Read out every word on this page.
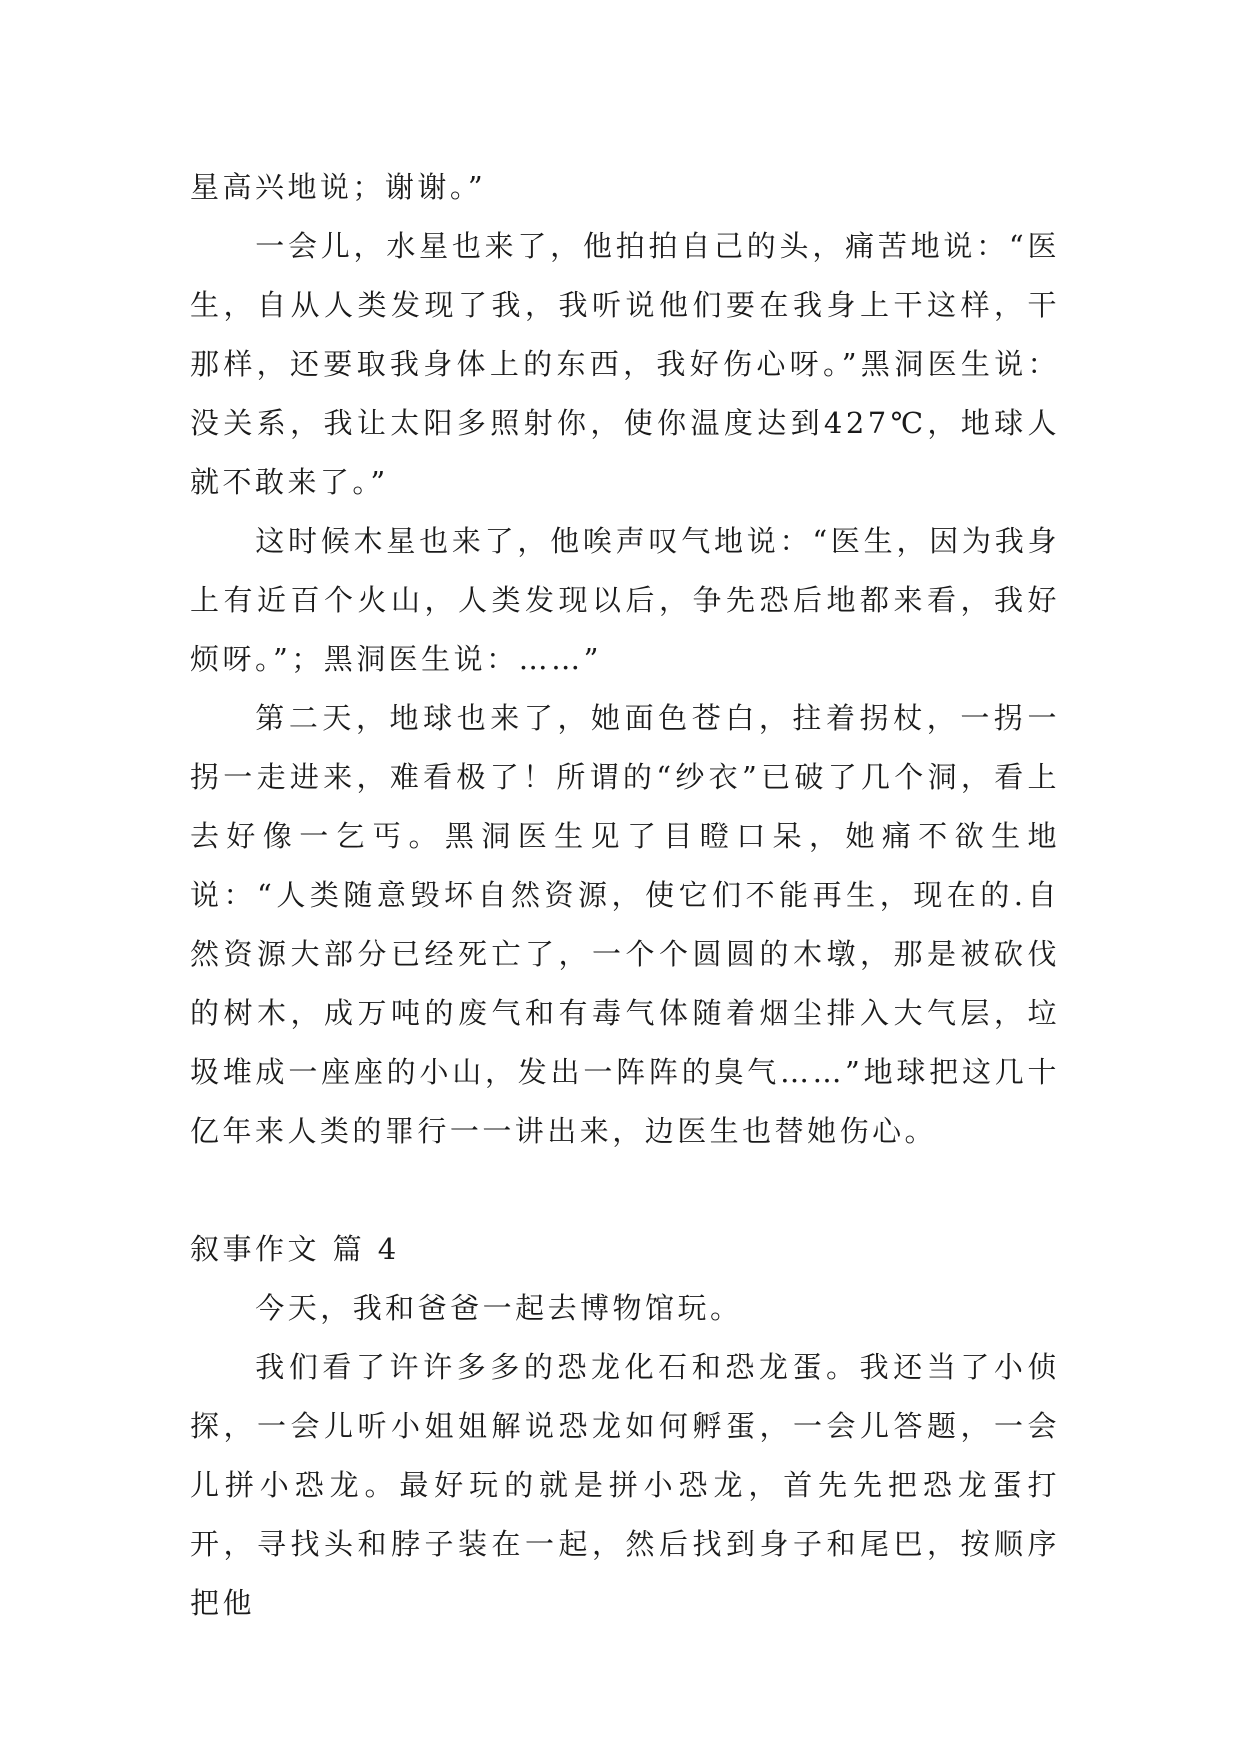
星高兴地说；谢谢。”

一会儿，水星也来了，他拍拍自己的头，痛苦地说：“医生，自从人类发现了我，我听说他们要在我身上干这样，干那样，还要取我身体上的东西，我好伤心呀。”黑洞医生说：没关系，我让太阳多照射你，使你温度达到427℃，地球人就不敢来了。”

这时候木星也来了，他唉声叹气地说：“医生，因为我身上有近百个火山，人类发现以后，争先恐后地都来看，我好烦呀。”；黑洞医生说：……”

第二天，地球也来了，她面色苍白，拄着拐杖，一拐一拐一走进来，难看极了！所谓的“纱衣”已破了几个洞，看上去好像一乞丐。黑洞医生见了目瞪口呆，她痛不欲生地说：“人类随意毁坏自然资源，使它们不能再生，现在的.自然资源大部分已经死亡了，一个个圆圆的木墩，那是被砍伐的树木，成万吨的废气和有毒气体随着烟尘排入大气层，垃圾堆成一座座的小山，发出一阵阵的臭气……”地球把这几十亿年来人类的罪行一一讲出来，边医生也替她伤心。

叙事作文 篇 4

今天，我和爸爸一起去博物馆玩。

我们看了许许多多的恐龙化石和恐龙蛋。我还当了小侦探，一会儿听小姐姐解说恐龙如何孵蛋，一会儿答题，一会儿拼小恐龙。最好玩的就是拼小恐龙，首先先把恐龙蛋打开，寻找头和脖子装在一起，然后找到身子和尾巴，按顺序把他
